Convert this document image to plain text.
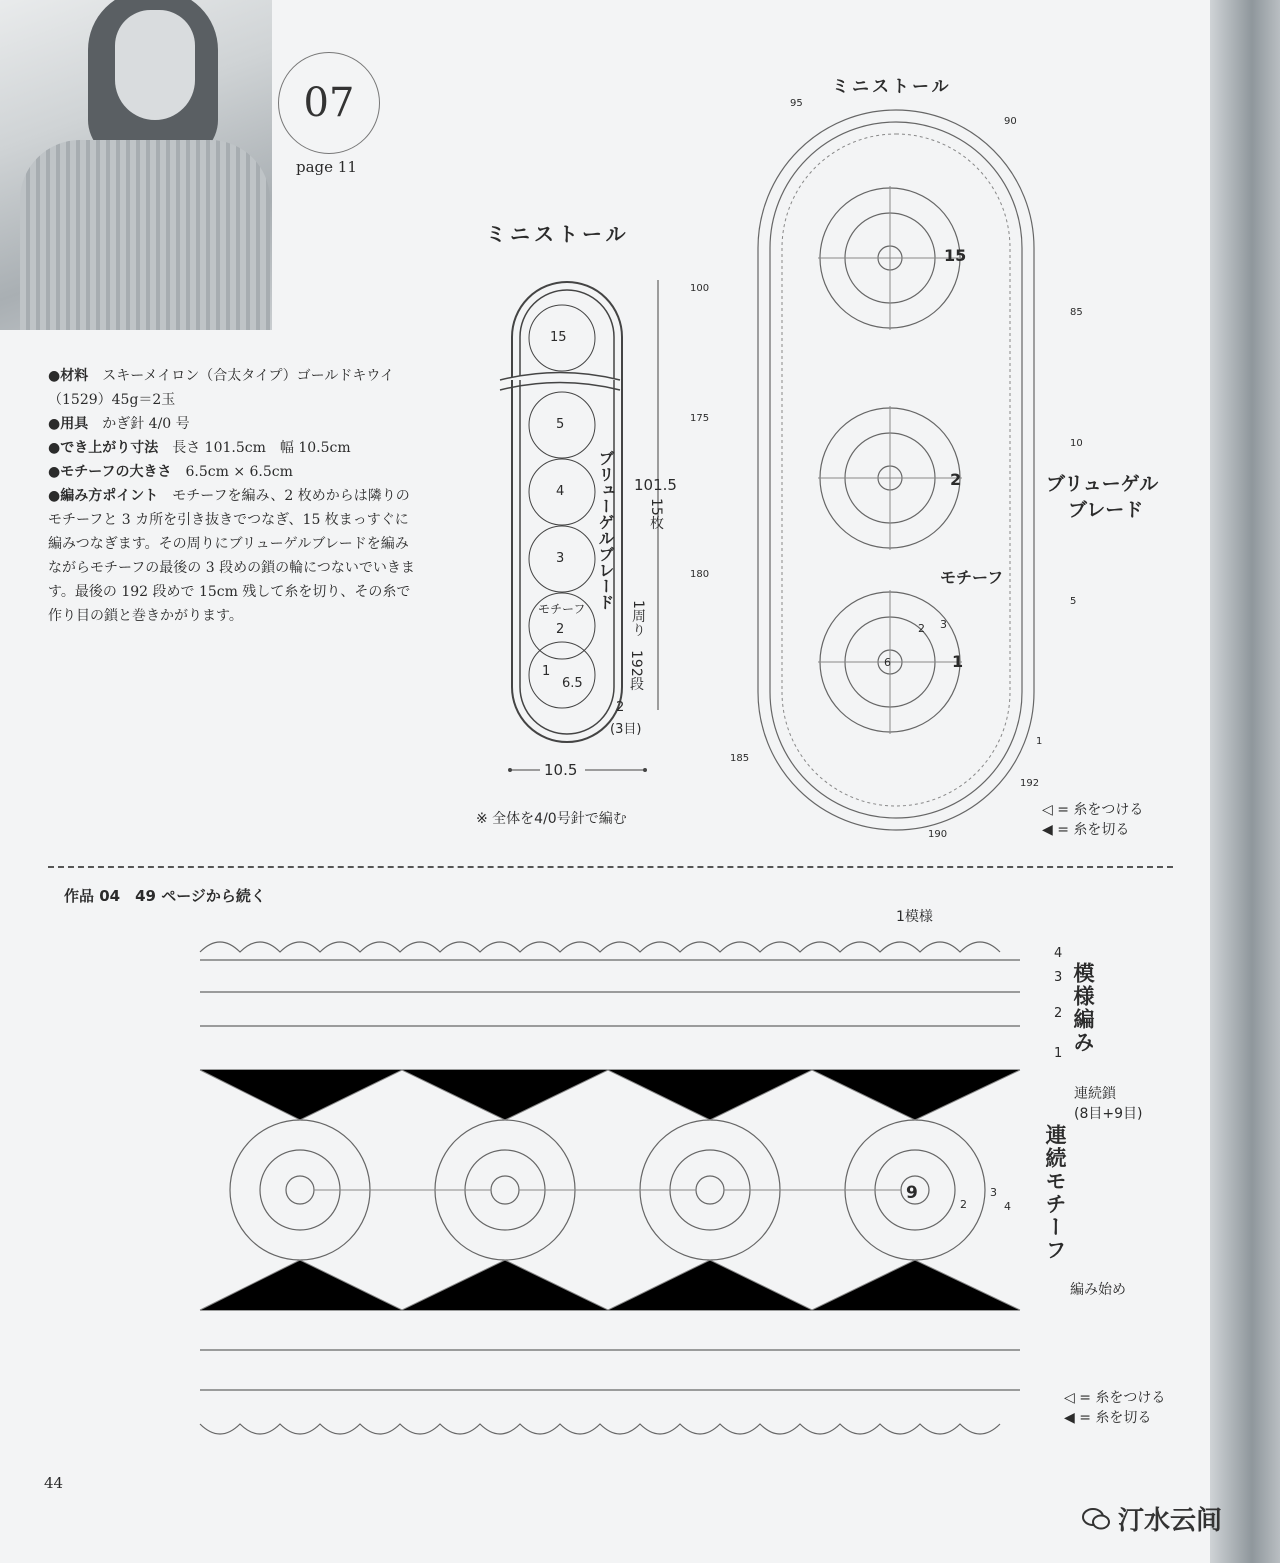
07
page 11
●材料　 スキーメイロン（合太タイプ）ゴールドキウイ（1529）45g＝2玉
●用具　 かぎ針 4/0 号
●でき上がり寸法　 長さ 101.5cm　幅 10.5cm
●モチーフの大きさ　 6.5cm × 6.5cm
●編み方ポイント　 モチーフを編み、2 枚めからは隣りのモチーフと 3 カ所を引き抜きでつなぎ、15 枚まっすぐに編みつなぎます。その周りにブリューゲルブレードを編みながらモチーフの最後の 3 段めの鎖の輪につないでいきます。最後の 192 段めで 15cm 残して糸を切り、その糸で作り目の鎖と巻きかがります。
ミニストール
15
5
4
3
モチーフ
2
1
6.5
ブリューゲルブレード 101.5
15枚
1周り
192段
2
(3目)
10.5
※ 全体を4/0号針で編む
ミニストール
95
90
100
85
175
10
180
5
185
1
192
190
15
2
1
6
2 3
モチーフ
ブリューゲル
ブレード
◁ = 糸をつける
◀ = 糸を切る
作品 04　49 ページから続く
1模様
4
3
2
1 模様編み
連続鎖
(8目+9目)
連続モチーフ
9
2
3
4
編み始め
◁ = 糸をつける
◀ = 糸を切る
44
汀水云间
